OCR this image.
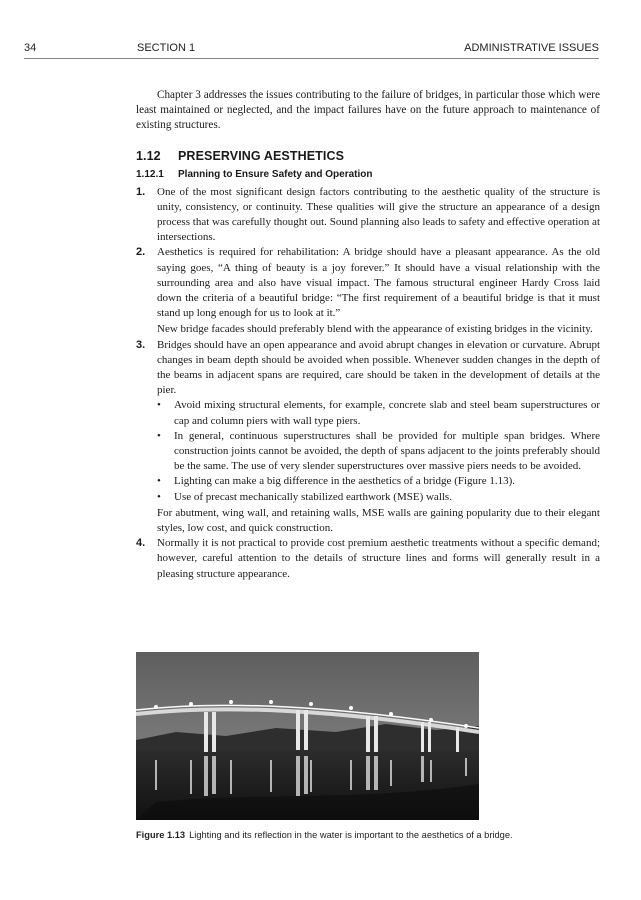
34	SECTION 1	ADMINISTRATIVE ISSUES

Chapter 3 addresses the issues contributing to the failure of bridges, in particular those which were least maintained or neglected, and the impact failures have on the future approach to maintenance of existing structures.

1.12 PRESERVING AESTHETICS
1.12.1 Planning to Ensure Safety and Operation
1. One of the most significant design factors contributing to the aesthetic quality of the structure is unity, consistency, or continuity. These qualities will give the structure an appearance of a design process that was carefully thought out. Sound planning also leads to safety and effective operation at intersections.

2. Aesthetics is required for rehabilitation: A bridge should have a pleasant appearance. As the old saying goes, “A thing of beauty is a joy forever.” It should have a visual relationship with the surrounding area and also have visual impact. The famous structural engineer Hardy Cross laid down the criteria of a beautiful bridge: “The first requirement of a beautiful bridge is that it must stand up long enough for us to look at it.”

New bridge facades should preferably blend with the appearance of existing bridges in the vicinity.

3. Bridges should have an open appearance and avoid abrupt changes in elevation or curvature. Abrupt changes in beam depth should be avoided when possible. Whenever sudden changes in the depth of the beams in adjacent spans are required, care should be taken in the development of details at the pier.

• Avoid mixing structural elements, for example, concrete slab and steel beam superstructures or cap and column piers with wall type piers.
• In general, continuous superstructures shall be provided for multiple span bridges. Where construction joints cannot be avoided, the depth of spans adjacent to the joints preferably should be the same. The use of very slender superstructures over massive piers needs to be avoided.
• Lighting can make a big difference in the aesthetics of a bridge (Figure 1.13).
• Use of precast mechanically stabilized earthwork (MSE) walls.

For abutment, wing wall, and retaining walls, MSE walls are gaining popularity due to their elegant styles, low cost, and quick construction.

4. Normally it is not practical to provide cost premium aesthetic treatments without a specific demand; however, careful attention to the details of structure lines and forms will generally result in a pleasing structure appearance.

Figure 1.13 Lighting and its reflection in the water is important to the aesthetics of a bridge.
